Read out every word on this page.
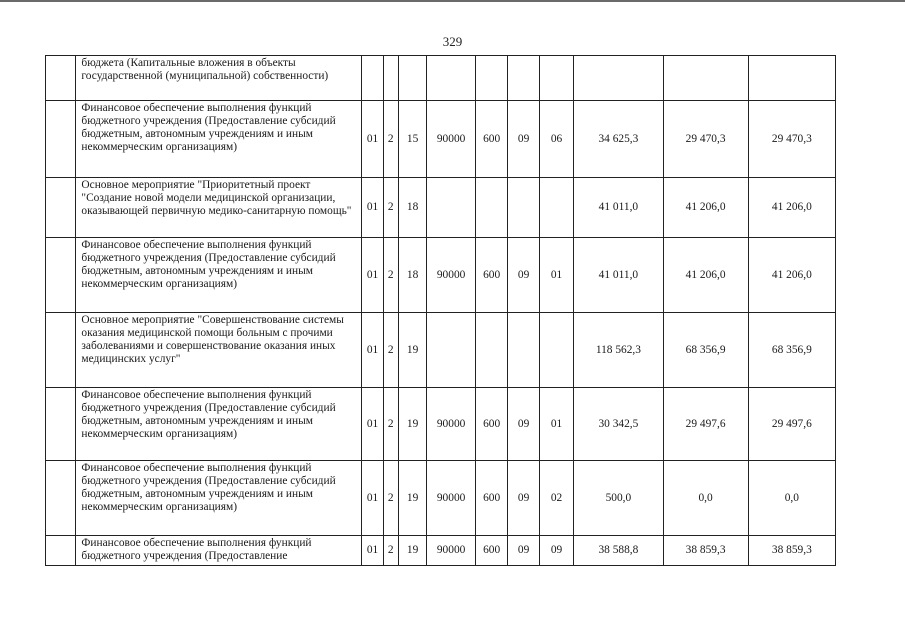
329
	бюджета (Капитальные вложения в объекты государственной (муниципальной) собственности)										
	Финансовое обеспечение выполнения функций бюджетного учреждения (Предоставление субсидий бюджетным, автономным учреждениям и иным некоммерческим организациям)	01	2	15	90000	600	09	06	34 625,3	29 470,3	29 470,3
	Основное мероприятие "Приоритетный проект "Создание новой модели медицинской организации, оказывающей первичную медико-санитарную помощь"	01	2	18					41 011,0	41 206,0	41 206,0
	Финансовое обеспечение выполнения функций бюджетного учреждения (Предоставление субсидий бюджетным, автономным учреждениям и иным некоммерческим организациям)	01	2	18	90000	600	09	01	41 011,0	41 206,0	41 206,0
	Основное мероприятие "Совершенствование системы оказания медицинской помощи больным с прочими заболеваниями и совершенствование оказания иных медицинских услуг"	01	2	19					118 562,3	68 356,9	68 356,9
	Финансовое обеспечение выполнения функций бюджетного учреждения (Предоставление субсидий бюджетным, автономным учреждениям и иным некоммерческим организациям)	01	2	19	90000	600	09	01	30 342,5	29 497,6	29 497,6
	Финансовое обеспечение выполнения функций бюджетного учреждения (Предоставление субсидий бюджетным, автономным учреждениям и иным некоммерческим организациям)	01	2	19	90000	600	09	02	500,0	0,0	0,0
	Финансовое обеспечение выполнения функций бюджетного учреждения (Предоставление	01	2	19	90000	600	09	09	38 588,8	38 859,3	38 859,3
